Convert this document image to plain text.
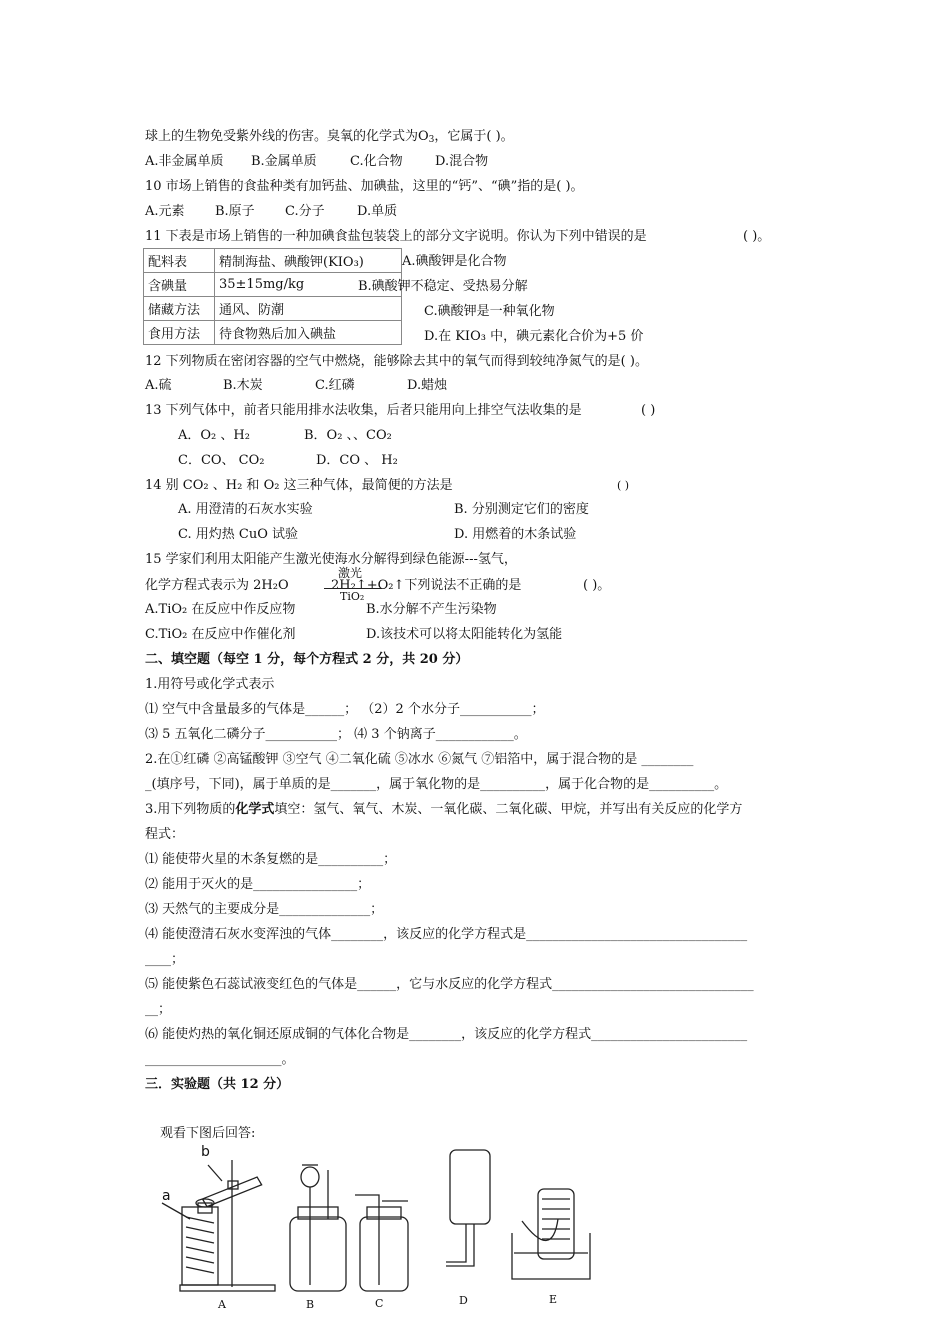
球上的生物免受紫外线的伤害。臭氧的化学式为$O_3$，它属于( )。
A.非金属单质 B.金属单质	C.化合物 D.混合物
10 市场上销售的食盐种类有加钙盐、加碘盐，这里的“钙”、“碘”指的是( )。
A.元素 B.原子 C.分子 D.单质
11 下表是市场上销售的一种加碘食盐包装袋上的部分文字说明。你认为下列中错误的是	( )。
配料表	精制海盐、碘酸钾(KIO₃)
含碘量	35±15mg/kg
储藏方法	通风、防潮
食用方法	待食物熟后加入碘盐
A.碘酸钾是化合物
B.碘酸钾不稳定、受热易分解
C.碘酸钾是一种氧化物
D.在 KIO₃ 中，碘元素化合价为+5 价
12 下列物质在密闭容器的空气中燃烧，能够除去其中的氧气而得到较纯净氮气的是( )。
A.硫	B.木炭	C.红磷	D.蜡烛
13 下列气体中，前者只能用排水法收集，后者只能用向上排空气法收集的是	( )
A．O₂ 、H₂	B．O₂ 、、CO₂
C．CO、 CO₂	D．CO 、 H₂
14 别 CO₂ 、H₂ 和 O₂ 这三种气体，最简便的方法是	( )
A. 用澄清的石灰水实验	B. 分别测定它们的密度
C. 用灼热 CuO 试验	D. 用燃着的木条试验
15 学家们利用太阳能产生激光使海水分解得到绿色能源---氢气，
激光
化学方程式表示为 2H₂O	2H₂↑+O₂↑下列说法不正确的是	( )。
TiO₂
A.TiO₂ 在反应中作反应物	B.水分解不产生污染物
C.TiO₂ 在反应中作催化剂	D.该技术可以将太阳能转化为氢能
二、填空题（每空 1 分，每个方程式 2 分，共 20 分）
1.用符号或化学式表示
⑴ 空气中含量最多的气体是______； （2）2 个水分子___________；
⑶ 5 五氧化二磷分子___________； ⑷ 3 个钠离子____________。
2.在①红磷 ②高锰酸钾 ③空气 ④二氧化硫 ⑤冰水 ⑥氮气 ⑦铝箔中，属于混合物的是 ________
_(填序号，下同)，属于单质的是_______，属于氧化物的是__________，属于化合物的是__________。
3.用下列物质的化学式填空：氢气、氧气、木炭、一氧化碳、二氧化碳、甲烷，并写出有关反应的化学方
程式：
⑴ 能使带火星的木条复燃的是__________；
⑵ 能用于灭火的是________________；
⑶ 天然气的主要成分是______________；
⑷ 能使澄清石灰水变浑浊的气体________，该反应的化学方程式是__________________________________
____；
⑸ 能使紫色石蕊试液变红色的气体是______，它与水反应的化学方程式_______________________________
__；
⑹ 能使灼热的氧化铜还原成铜的气体化合物是________，该反应的化学方程式________________________
_____________________。
三．实验题（共 12 分）
观看下图后回答:
b
a
A	B	C	D	E
